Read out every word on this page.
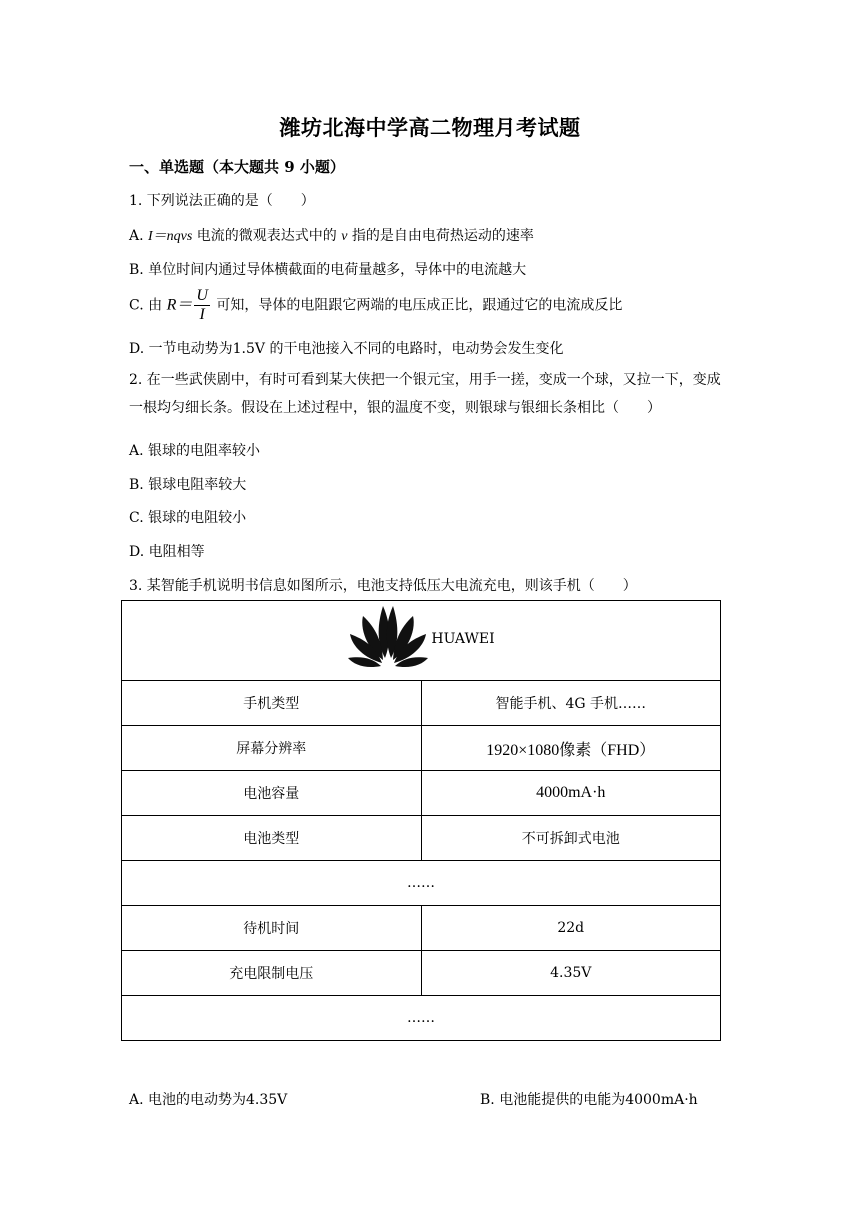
潍坊北海中学高二物理月考试题
一、单选题（本大题共 9 小题）
1. 下列说法正确的是（　　）
A. I＝nqvs 电流的微观表达式中的 v 指的是自由电荷热运动的速率
B. 单位时间内通过导体横截面的电荷量越多，导体中的电流越大
C. 由 $R= \frac{U}{I}$ 可知，导体的电阻跟它两端的电压成正比，跟通过它的电流成反比
D. 一节电动势为1.5V 的干电池接入不同的电路时，电动势会发生变化
2. 在一些武侠剧中，有时可看到某大侠把一个银元宝，用手一搓，变成一个球，又拉一下，变成一根均匀细长条。假设在上述过程中，银的温度不变，则银球与银细长条相比（　　）
A. 银球的电阻率较小
B. 银球电阻率较大
C. 银球的电阻较小
D. 电阻相等
3. 某智能手机说明书信息如图所示，电池支持低压大电流充电，则该手机（　　）
HUAWEI	

手机类型	智能手机、4G 手机……
屏幕分辨率	1920×1080像素（FHD）
电池容量	4000mA·h
电池类型	不可拆卸式电池
……	
待机时间	22d
充电限制电压	4.35V
……	
A. 电池的电动势为4.35V	B. 电池能提供的电能为4000mA·h
